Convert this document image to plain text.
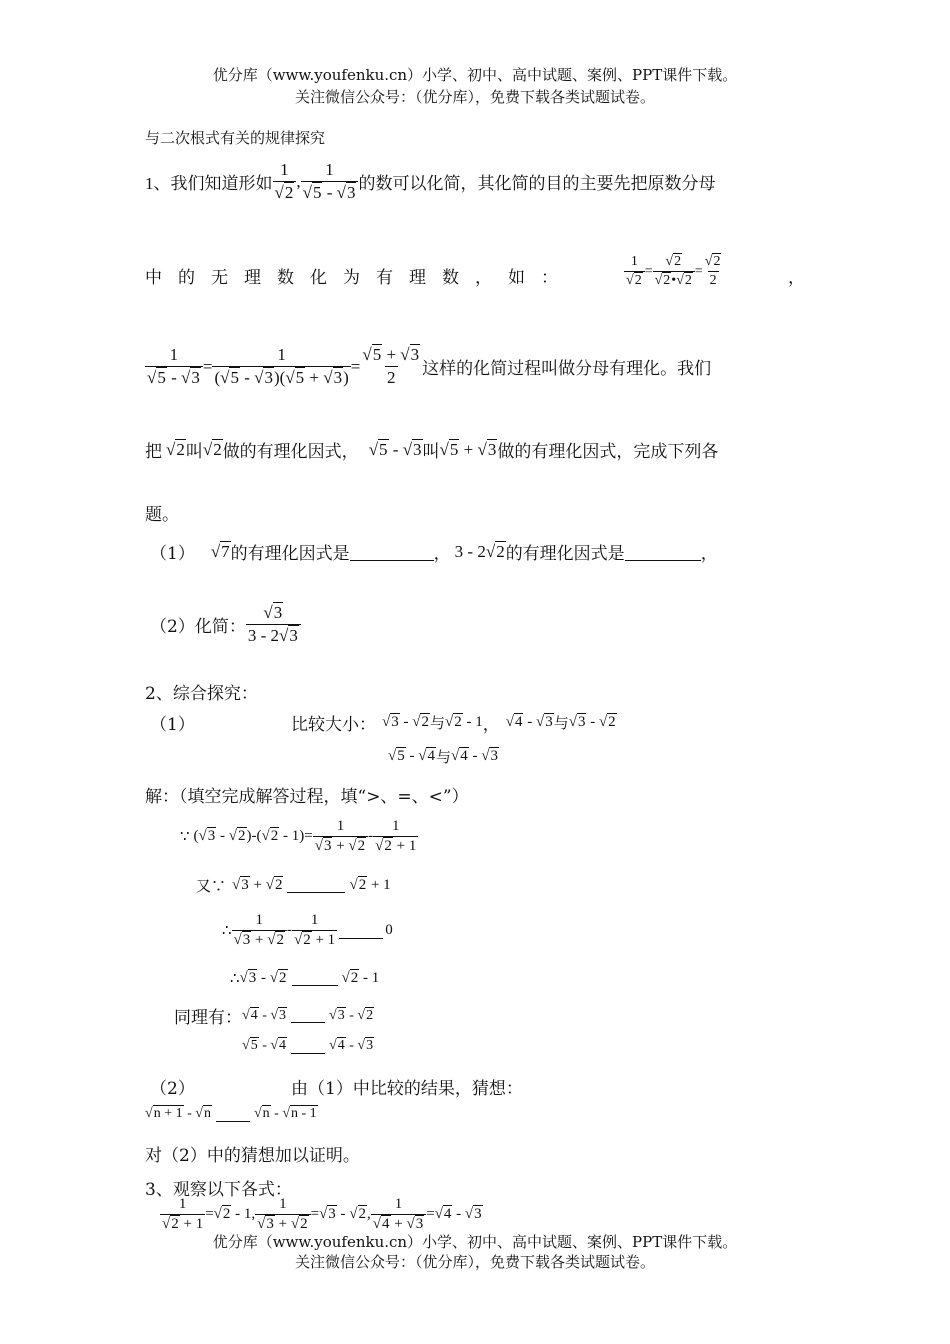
优分库（www.youfenku.cn）小学、初中、高中试题、案例、PPT课件下载。
关注微信公众号：（优分库），免费下载各类试题试卷。
与二次根式有关的规律探究
1、我们知道形如 $\frac{1}{√2}$ , $\frac{1}{√5 - √3}$ 的数可以化简，其化简的目的主要先把原数分母
中的无理数化为有理数，如：	$\frac{1}{√2} = \frac{√2}{√2•√2} = \frac{√2}{2}$	，
$\frac{1}{√5 - √3} = \frac{1}{(√5 - √3)(√5 + √3)} = \frac{√5 + √3}{2}$ 这样的化简过程叫做分母有理化。我们
把 √2 叫 √2 做的有理化因式， √5 - √3 叫 √5 + √3 做的有理化因式，完成下列各
题。
（1） √7 的有理化因式是	， 3 - 2√2 的有理化因式是	，
（2）化简： $\frac{√3}{3 - 2√3}$
2、综合探究：
（1）	比较大小： √3 - √2 与 √2 - 1 ， √4 - √3 与 √3 - √2
√5 - √4 与 √4 - √3
解：（填空完成解答过程，填“>、=、<”）
∵ $(√3 - √2) - (√2 - 1) = \frac{1}{√3 + √2} - \frac{1}{√2 + 1}$
又∵ √3 + √2	√2 + 1
∴ $\frac{1}{√3 + √2} - \frac{1}{√2 + 1}$	0
∴ √3 - √2	√2 - 1
同理有： √4 - √3	√3 - √2
√5 - √4	√4 - √3
（2）	由（1）中比较的结果，猜想：
√n + 1 - √n	√n - √n - 1
对（2）中的猜想加以证明。
3、观察以下各式：
$\frac{1}{√2 + 1} = √2 - 1$, $\frac{1}{√3 + √2} = √3 - √2$, $\frac{1}{√4 + √3} = √4 - √3$
优分库（www.youfenku.cn）小学、初中、高中试题、案例、PPT课件下载。
关注微信公众号：（优分库），免费下载各类试题试卷。
